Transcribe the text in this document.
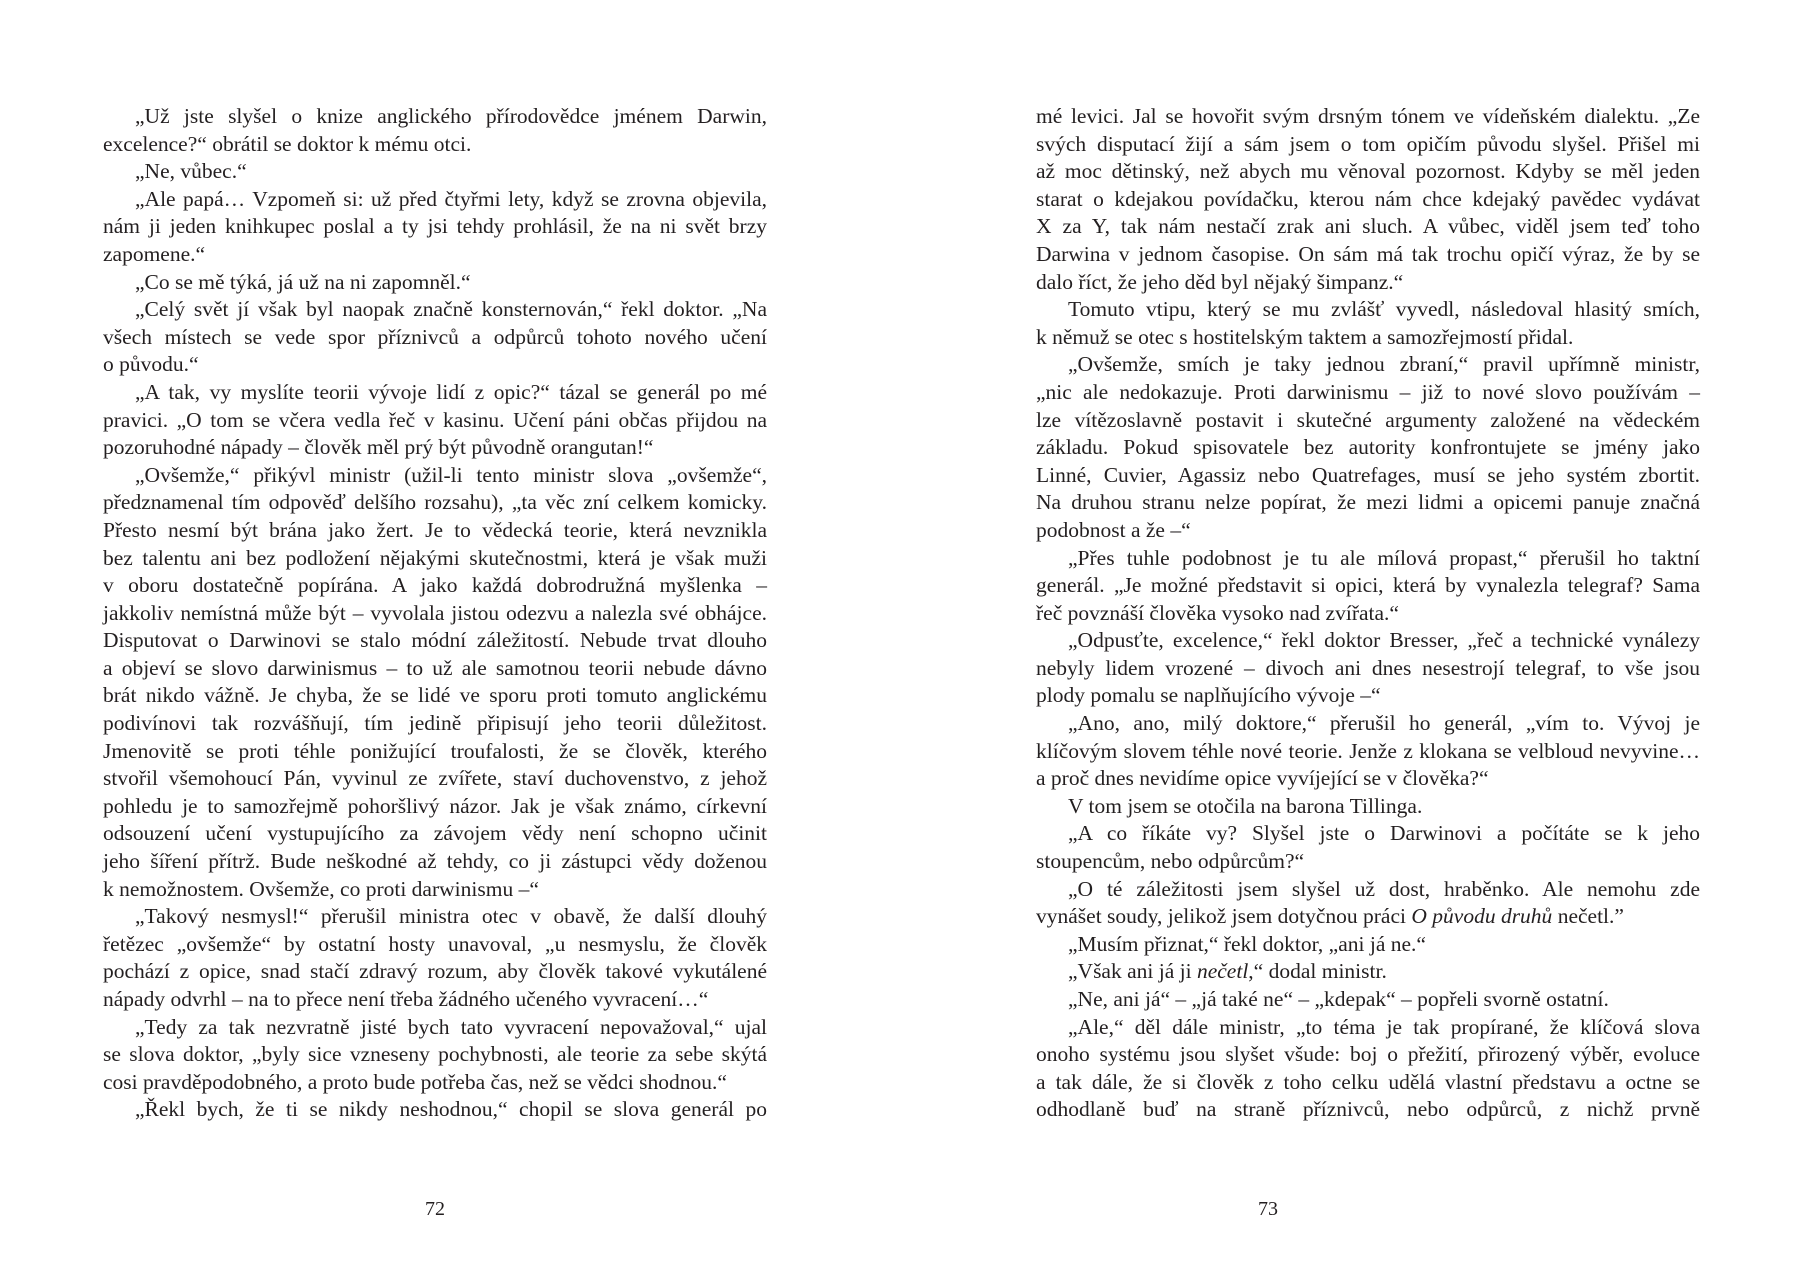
„Už jste slyšel o knize anglického přírodovědce jménem Darwin,
excelence?“ obrátil se doktor k mému otci.
„Ne, vůbec.“
„Ale papá… Vzpomeň si: už před čtyřmi lety, když se zrovna objevila,
nám ji jeden knihkupec poslal a ty jsi tehdy prohlásil, že na ni svět brzy
zapomene.“
„Co se mě týká, já už na ni zapomněl.“
„Celý svět jí však byl naopak značně konsternován,“ řekl doktor. „Na
všech místech se vede spor příznivců a odpůrců tohoto nového učení
o původu.“
„A tak, vy myslíte teorii vývoje lidí z opic?“ tázal se generál po mé
pravici. „O tom se včera vedla řeč v kasinu. Učení páni občas přijdou na
pozoruhodné nápady – člověk měl prý být původně orangutan!“
„Ovšemže,“ přikývl ministr (užil-li tento ministr slova „ovšemže“,
předznamenal tím odpověď delšího rozsahu), „ta věc zní celkem komicky.
Přesto nesmí být brána jako žert. Je to vědecká teorie, která nevznikla
bez talentu ani bez podložení nějakými skutečnostmi, která je však muži
v oboru dostatečně popírána. A jako každá dobrodružná myšlenka –
jakkoliv nemístná může být – vyvolala jistou odezvu a nalezla své obhájce.
Disputovat o Darwinovi se stalo módní záležitostí. Nebude trvat dlouho
a objeví se slovo darwinismus – to už ale samotnou teorii nebude dávno
brát nikdo vážně. Je chyba, že se lidé ve sporu proti tomuto anglickému
podivínovi tak rozvášňují, tím jedině připisují jeho teorii důležitost.
Jmenovitě se proti téhle ponižující troufalosti, že se člověk, kterého
stvořil všemohoucí Pán, vyvinul ze zvířete, staví duchovenstvo, z jehož
pohledu je to samozřejmě pohoršlivý názor. Jak je však známo, církevní
odsouzení učení vystupujícího za závojem vědy není schopno učinit
jeho šíření přítrž. Bude neškodné až tehdy, co ji zástupci vědy doženou
k nemožnostem. Ovšemže, co proti darwinismu –“
„Takový nesmysl!“ přerušil ministra otec v obavě, že další dlouhý
řetězec „ovšemže“ by ostatní hosty unavoval, „u nesmyslu, že člověk
pochází z opice, snad stačí zdravý rozum, aby člověk takové vykutálené
nápady odvrhl – na to přece není třeba žádného učeného vyvracení…“
„Tedy za tak nezvratně jisté bych tato vyvracení nepovažoval,“ ujal
se slova doktor, „byly sice vzneseny pochybnosti, ale teorie za sebe skýtá
cosi pravděpodobného, a proto bude potřeba čas, než se vědci shodnou.“
„Řekl bych, že ti se nikdy neshodnou,“ chopil se slova generál po
72
mé levici. Jal se hovořit svým drsným tónem ve vídeňském dialektu. „Ze
svých disputací žijí a sám jsem o tom opičím původu slyšel. Přišel mi
až moc dětinský, než abych mu věnoval pozornost. Kdyby se měl jeden
starat o kdejakou povídačku, kterou nám chce kdejaký pavědec vydávat
X za Y, tak nám nestačí zrak ani sluch. A vůbec, viděl jsem teď toho
Darwina v jednom časopise. On sám má tak trochu opičí výraz, že by se
dalo říct, že jeho děd byl nějaký šimpanz.“
Tomuto vtipu, který se mu zvlášť vyvedl, následoval hlasitý smích,
k němuž se otec s hostitelským taktem a samozřejmostí přidal.
„Ovšemže, smích je taky jednou zbraní,“ pravil upřímně ministr,
„nic ale nedokazuje. Proti darwinismu – již to nové slovo používám –
lze vítězoslavně postavit i skutečné argumenty založené na vědeckém
základu. Pokud spisovatele bez autority konfrontujete se jmény jako
Linné, Cuvier, Agassiz nebo Quatrefages, musí se jeho systém zbortit.
Na druhou stranu nelze popírat, že mezi lidmi a opicemi panuje značná
podobnost a že –“
„Přes tuhle podobnost je tu ale mílová propast,“ přerušil ho taktní
generál. „Je možné představit si opici, která by vynalezla telegraf? Sama
řeč povznáší člověka vysoko nad zvířata.“
„Odpusťte, excelence,“ řekl doktor Bresser, „řeč a technické vynálezy
nebyly lidem vrozené – divoch ani dnes nesestrojí telegraf, to vše jsou
plody pomalu se naplňujícího vývoje –“
„Ano, ano, milý doktore,“ přerušil ho generál, „vím to. Vývoj je
klíčovým slovem téhle nové teorie. Jenže z klokana se velbloud nevyvine…
a proč dnes nevidíme opice vyvíjející se v člověka?“
V tom jsem se otočila na barona Tillinga.
„A co říkáte vy? Slyšel jste o Darwinovi a počítáte se k jeho
stoupencům, nebo odpůrcům?“
„O té záležitosti jsem slyšel už dost, hraběnko. Ale nemohu zde
vynášet soudy, jelikož jsem dotyčnou práci O původu druhů nečetl.”
„Musím přiznat,“ řekl doktor, „ani já ne.“
„Však ani já ji nečetl,“ dodal ministr.
„Ne, ani já“ – „já také ne“ – „kdepak“ – popřeli svorně ostatní.
„Ale,“ děl dále ministr, „to téma je tak propírané, že klíčová slova
onoho systému jsou slyšet všude: boj o přežití, přirozený výběr, evoluce
a tak dále, že si člověk z toho celku udělá vlastní představu a octne se
odhodlaně buď na straně příznivců, nebo odpůrců, z nichž prvně
73
